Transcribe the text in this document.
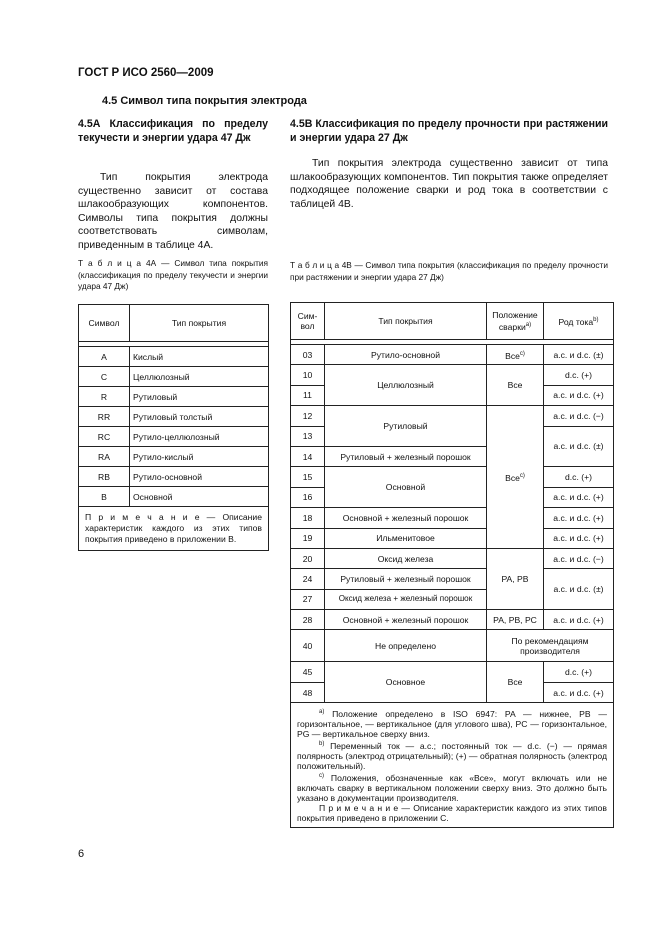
ГОСТ Р ИСО 2560—2009
4.5 Символ типа покрытия электрода
4.5А Классификация по пределу текучести и энергии удара 47 Дж

Тип покрытия электрода существенно зависит от состава шлакообразующих компонентов. Символы типа покрытия должны соответствовать символам, приведенным в таблице 4А.

Т а б л и ц а 4А — Символ типа покрытия (классификация по пределу текучести и энергии удара 47 Дж)
Символ	Тип покрытия

A	Кислый
C	Целлюлозный
R	Рутиловый
RR	Рутиловый толстый
RC	Рутило-целлюлозный
RA	Рутило-кислый
RB	Рутило-основной
B	Основной
П р и м е ч а н и е — Описание характеристик каждого из этих типов покрытия приведено в приложении В.	
4.5В Классификация по пределу прочности при растяжении и энергии удара 27 Дж

Тип покрытия электрода существенно зависит от типа шлакообразующих компонентов. Тип покрытия также определяет подходящее положение сварки и род тока в соответствии с таблицей 4В.

Т а б л и ц а 4В — Символ типа покрытия (классификация по пределу прочности при растяжении и энергии удара 27 Дж)
Сим-вол	Тип покрытия	Положение сварки$^{a)}$	Род тока$^{b)}$

03	Рутило-основной	Все$^{c)}$	a.c. и d.c. (±)
10	Целлюлозный	Все	d.c. (+)
11			a.c. и d.c. (+)
12	Рутиловый	Все$^{c)}$	a.c. и d.c. (−)
13			a.c. и d.c. (±)
14	Рутиловый + железный порошок		
15	Основной		d.c. (+)
16			a.c. и d.c. (+)
18	Основной + железный порошок		a.c. и d.c. (+)
19	Ильменитовое		a.c. и d.c. (+)
20	Оксид железа	PA, PB	a.c. и d.c. (−)
24	Рутиловый + железный порошок		a.c. и d.c. (±)
27	Оксид железа + железный порошок		
28	Основной + железный порошок	PA, PB, PC	a.c. и d.c. (+)
40	Не определено	По рекомендациям производителя	
45	Основное	Все	d.c. (+)
48			a.c. и d.c. (+)

$^{a)}$ Положение определено в ISO 6947: PA — нижнее, PB — горизонтальное, — вертикальное (для углового шва), PC — горизонтальное, PG — вертикальное сверху вниз.

$^{b)}$ Переменный ток — a.c.; постоянный ток — d.c. (−) — прямая полярность (электрод отрицательный); (+) — обратная полярность (электрод положительный).

$^{c)}$ Положения, обозначенные как «Все», могут включать или не включать сварку в вертикальном положении сверху вниз. Это должно быть указано в документации производителя.

П р и м е ч а н и е — Описание характеристик каждого из этих типов покрытия приведено в приложении С.			

6
